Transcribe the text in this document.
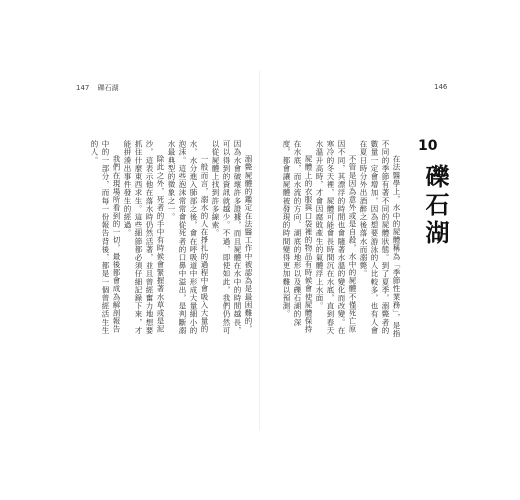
147 礫石湖	146
10
礫石湖

在法醫學上，水中的屍體稱為「季節性業務」，是指不同的季節有著不同的屍體狀態。到了夏季，溺斃者的數量一定會增加，因為想要游泳的人比較多，也有人會在夏日時分外出酒醉之後落水而溺斃。

不管是因為意外或是自殺，水中的屍體不僅死亡原因不同，其漂浮的時間也會隨著水溫的變化而改變。在寒冷的冬天裡，屍體可能會長時間沉在水底，直到春天水溫升高時，才會因腐敗產生的氣體浮上水面。

屍體上的衣服與口袋裡的物品有時候會使屍體保持在水底，而水流的方向、湖底的地形以及礫石湖的深度，都會讓屍體被發現的時間變得更加難以預測。

溺斃屍體的鑑定在法醫工作中被認為是最困難的，因為水會破壞許多證據，而且屍體在水中的時間越長，可以得到的資訊就越少。不過，即使如此，我們仍然可以從屍體上找到許多線索。

一般而言，溺水的人在掙扎的過程中會吸入大量的水，水分進入肺部之後，會在呼吸道中形成大量細小的泡沫。這些泡沫常常會從死者的口鼻中溢出，是判斷溺水最典型的徵象之一。

除此之外，死者的手中有時候會緊握著水草或是泥沙，這表示他在落水時仍然活著，並且曾經奮力地想要抓住什麼東西求生。這些細節都必須仔細記錄下來，才能拼湊出事件發生的經過。

我們在現場所看到的一切，最後都會成為解剖報告中的一部分，而每一份報告背後，都是一個曾經活生生的人。
